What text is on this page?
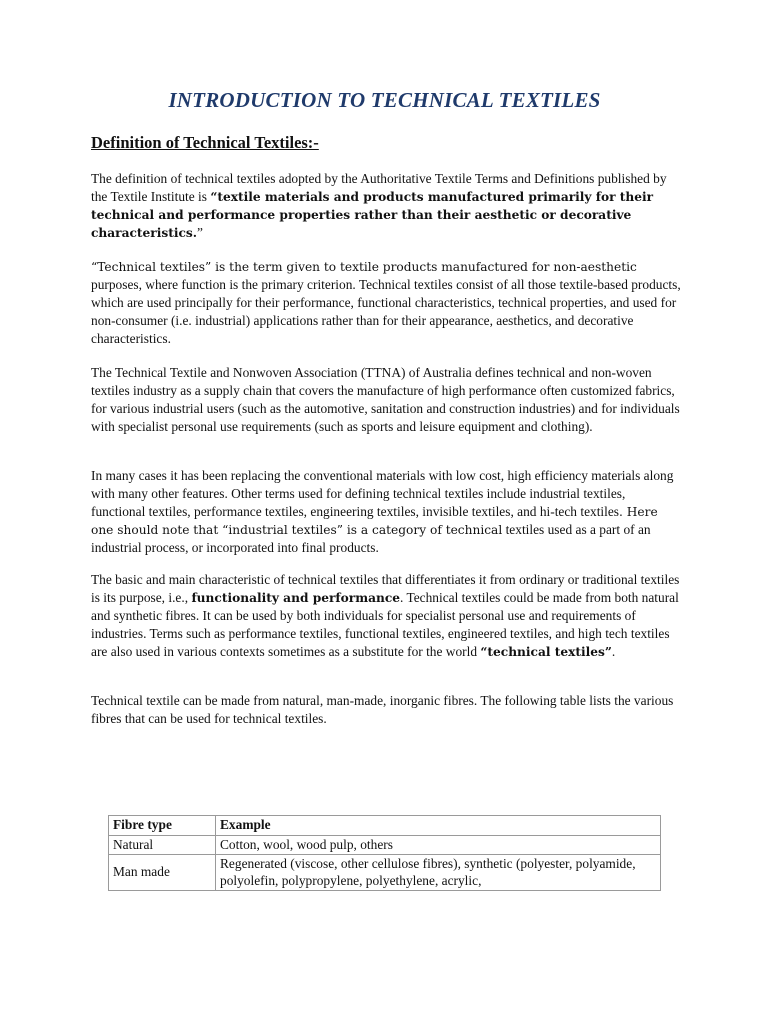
INTRODUCTION TO TECHNICAL TEXTILES
Definition of Technical Textiles:-

The definition of technical textiles adopted by the Authoritative Textile Terms and Definitions published by the Textile Institute is “textile materials and products manufactured primarily for their technical and performance properties rather than their aesthetic or decorative characteristics.”

“Technical textiles” is the term given to textile products manufactured for non-aesthetic purposes, where function is the primary criterion. Technical textiles consist of all those textile-based products, which are used principally for their performance, functional characteristics, technical properties, and used for non-consumer (i.e. industrial) applications rather than for their appearance, aesthetics, and decorative characteristics.

The Technical Textile and Nonwoven Association (TTNA) of Australia defines technical and non-woven textiles industry as a supply chain that covers the manufacture of high performance often customized fabrics, for various industrial users (such as the automotive, sanitation and construction industries) and for individuals with specialist personal use requirements (such as sports and leisure equipment and clothing).

In many cases it has been replacing the conventional materials with low cost, high efficiency materials along with many other features. Other terms used for defining technical textiles include industrial textiles, functional textiles, performance textiles, engineering textiles, invisible textiles, and hi-tech textiles. Here one should note that “industrial textiles” is a category of technical textiles used as a part of an industrial process, or incorporated into final products.

The basic and main characteristic of technical textiles that differentiates it from ordinary or traditional textiles is its purpose, i.e., functionality and performance. Technical textiles could be made from both natural and synthetic fibres. It can be used by both individuals for specialist personal use and requirements of industries. Terms such as performance textiles, functional textiles, engineered textiles, and high tech textiles are also used in various contexts sometimes as a substitute for the world “technical textiles”.

Technical textile can be made from natural, man-made, inorganic fibres. The following table lists the various fibres that can be used for technical textiles.

Fibre type	Example
Natural	Cotton, wool, wood pulp, others
Man made	Regenerated (viscose, other cellulose fibres), synthetic (polyester, polyamide, polyolefin, polypropylene, polyethylene, acrylic,
